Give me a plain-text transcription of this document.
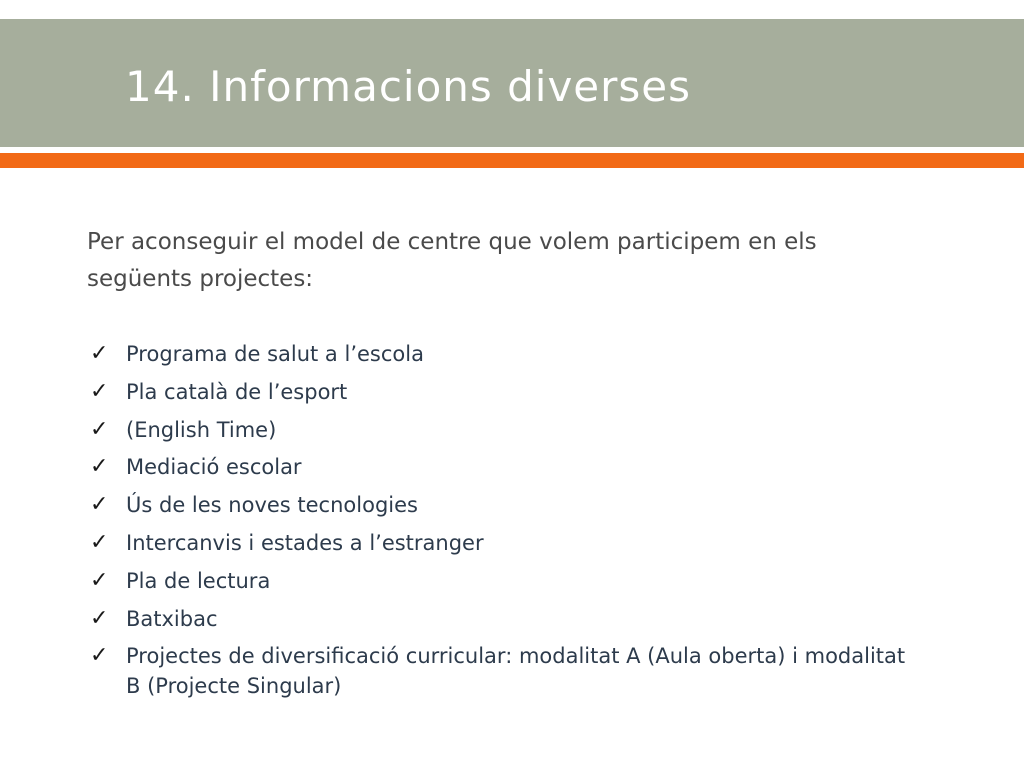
14. Informacions diverses

Per aconseguir el model de centre que volem participem en els següents projectes:

✓ Programa de salut a l’escola
✓ Pla català de l’esport
✓ (English Time)
✓ Mediació escolar
✓ Ús de les noves tecnologies
✓ Intercanvis i estades a l’estranger
✓ Pla de lectura
✓ Batxibac
✓ Projectes de diversificació curricular: modalitat A (Aula oberta) i modalitat B (Projecte Singular)
